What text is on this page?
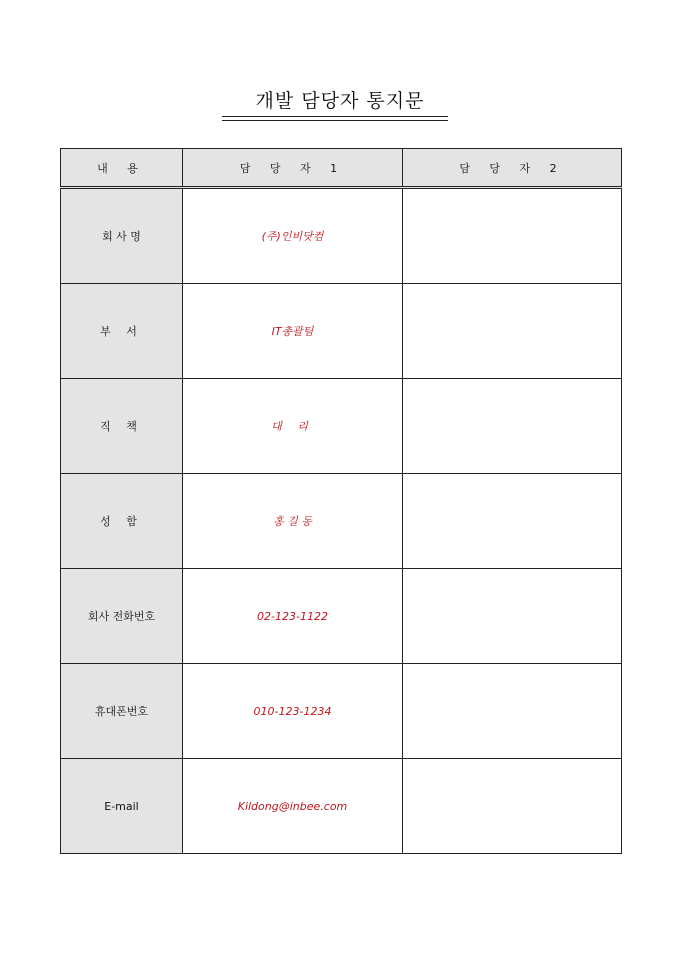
개발 담당자 통지문
내 용	담 당 자 1	담 당 자 2
회 사 명	(주)인비닷컴	
부 서	IT총괄팀	
직 책	대 리	
성 함	홍 길 동	
회사 전화번호	02-123-1122	
휴대폰번호	010-123-1234	
E-mail	Kildong@inbee.com	
